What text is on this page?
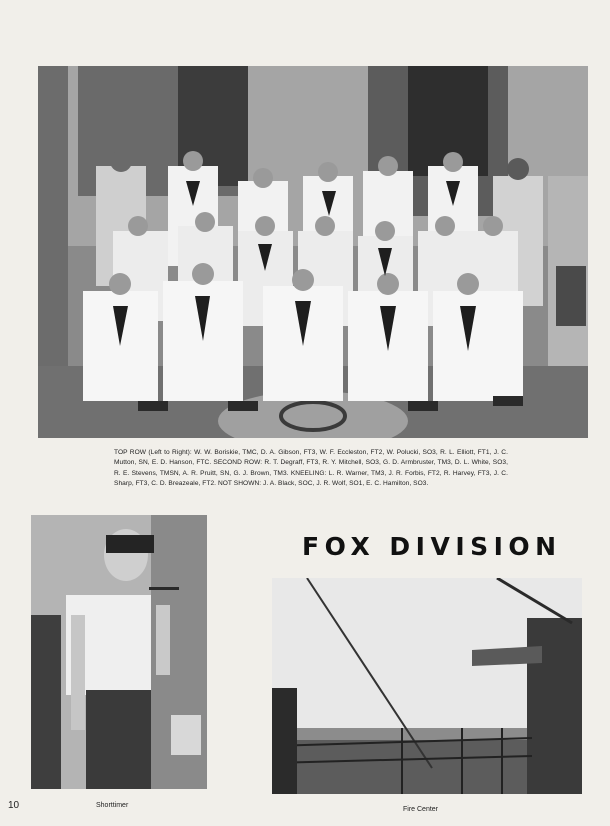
TOP ROW (Left to Right): W. W. Boriskie, TMC, D. A. Gibson, FT3, W. F. Eccleston, FT2, W. Polucki, SO3, R. L. Elliott, FT1, J. C. Mutton, SN, E. D. Hanson, FTC. SECOND ROW: R. T. Degraff, FT3, R. Y. Mitchell, SO3, G. D. Armbruster, TM3, D. L. White, SO3, R. E. Stevens, TMSN, A. R. Pruitt, SN, G. J. Brown, TM3. KNEELING: L. R. Warner, TM3, J. R. Forbis, FT2, R. Harvey, FT3, J. C. Sharp, FT3, C. D. Breazeale, FT2. NOT SHOWN: J. A. Black, SOC, J. R. Wolf, SO1, E. C. Hamilton, SO3.
FOX DIVISION
Shorttimer
Fire Center
10
